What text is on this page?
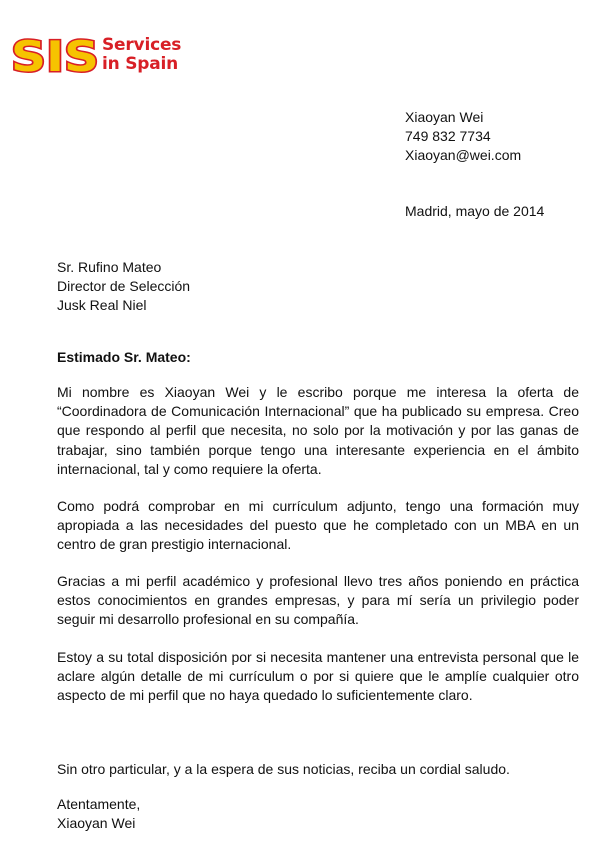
SIS Services
in Spain
Xiaoyan Wei
749 832 7734
Xiaoyan@wei.com
Madrid, mayo de 2014
Sr. Rufino Mateo
Director de Selección
Jusk Real Niel
Estimado Sr. Mateo:
Mi nombre es Xiaoyan Wei y le escribo porque me interesa la oferta de “Coordinadora de Comunicación Internacional” que ha publicado su empresa. Creo que respondo al perfil que necesita, no solo por la motivación y por las ganas de trabajar, sino también porque tengo una interesante experiencia en el ámbito internacional, tal y como requiere la oferta.
Como podrá comprobar en mi currículum adjunto, tengo una formación muy apropiada a las necesidades del puesto que he completado con un MBA en un centro de gran prestigio internacional.
Gracias a mi perfil académico y profesional llevo tres años poniendo en práctica estos conocimientos en grandes empresas, y para mí sería un privilegio poder seguir mi desarrollo profesional en su compañía.
Estoy a su total disposición por si necesita mantener una entrevista personal que le aclare algún detalle de mi currículum o por si quiere que le amplíe cualquier otro aspecto de mi perfil que no haya quedado lo suficientemente claro.
Sin otro particular, y a la espera de sus noticias, reciba un cordial saludo.
Atentamente,
Xiaoyan Wei
